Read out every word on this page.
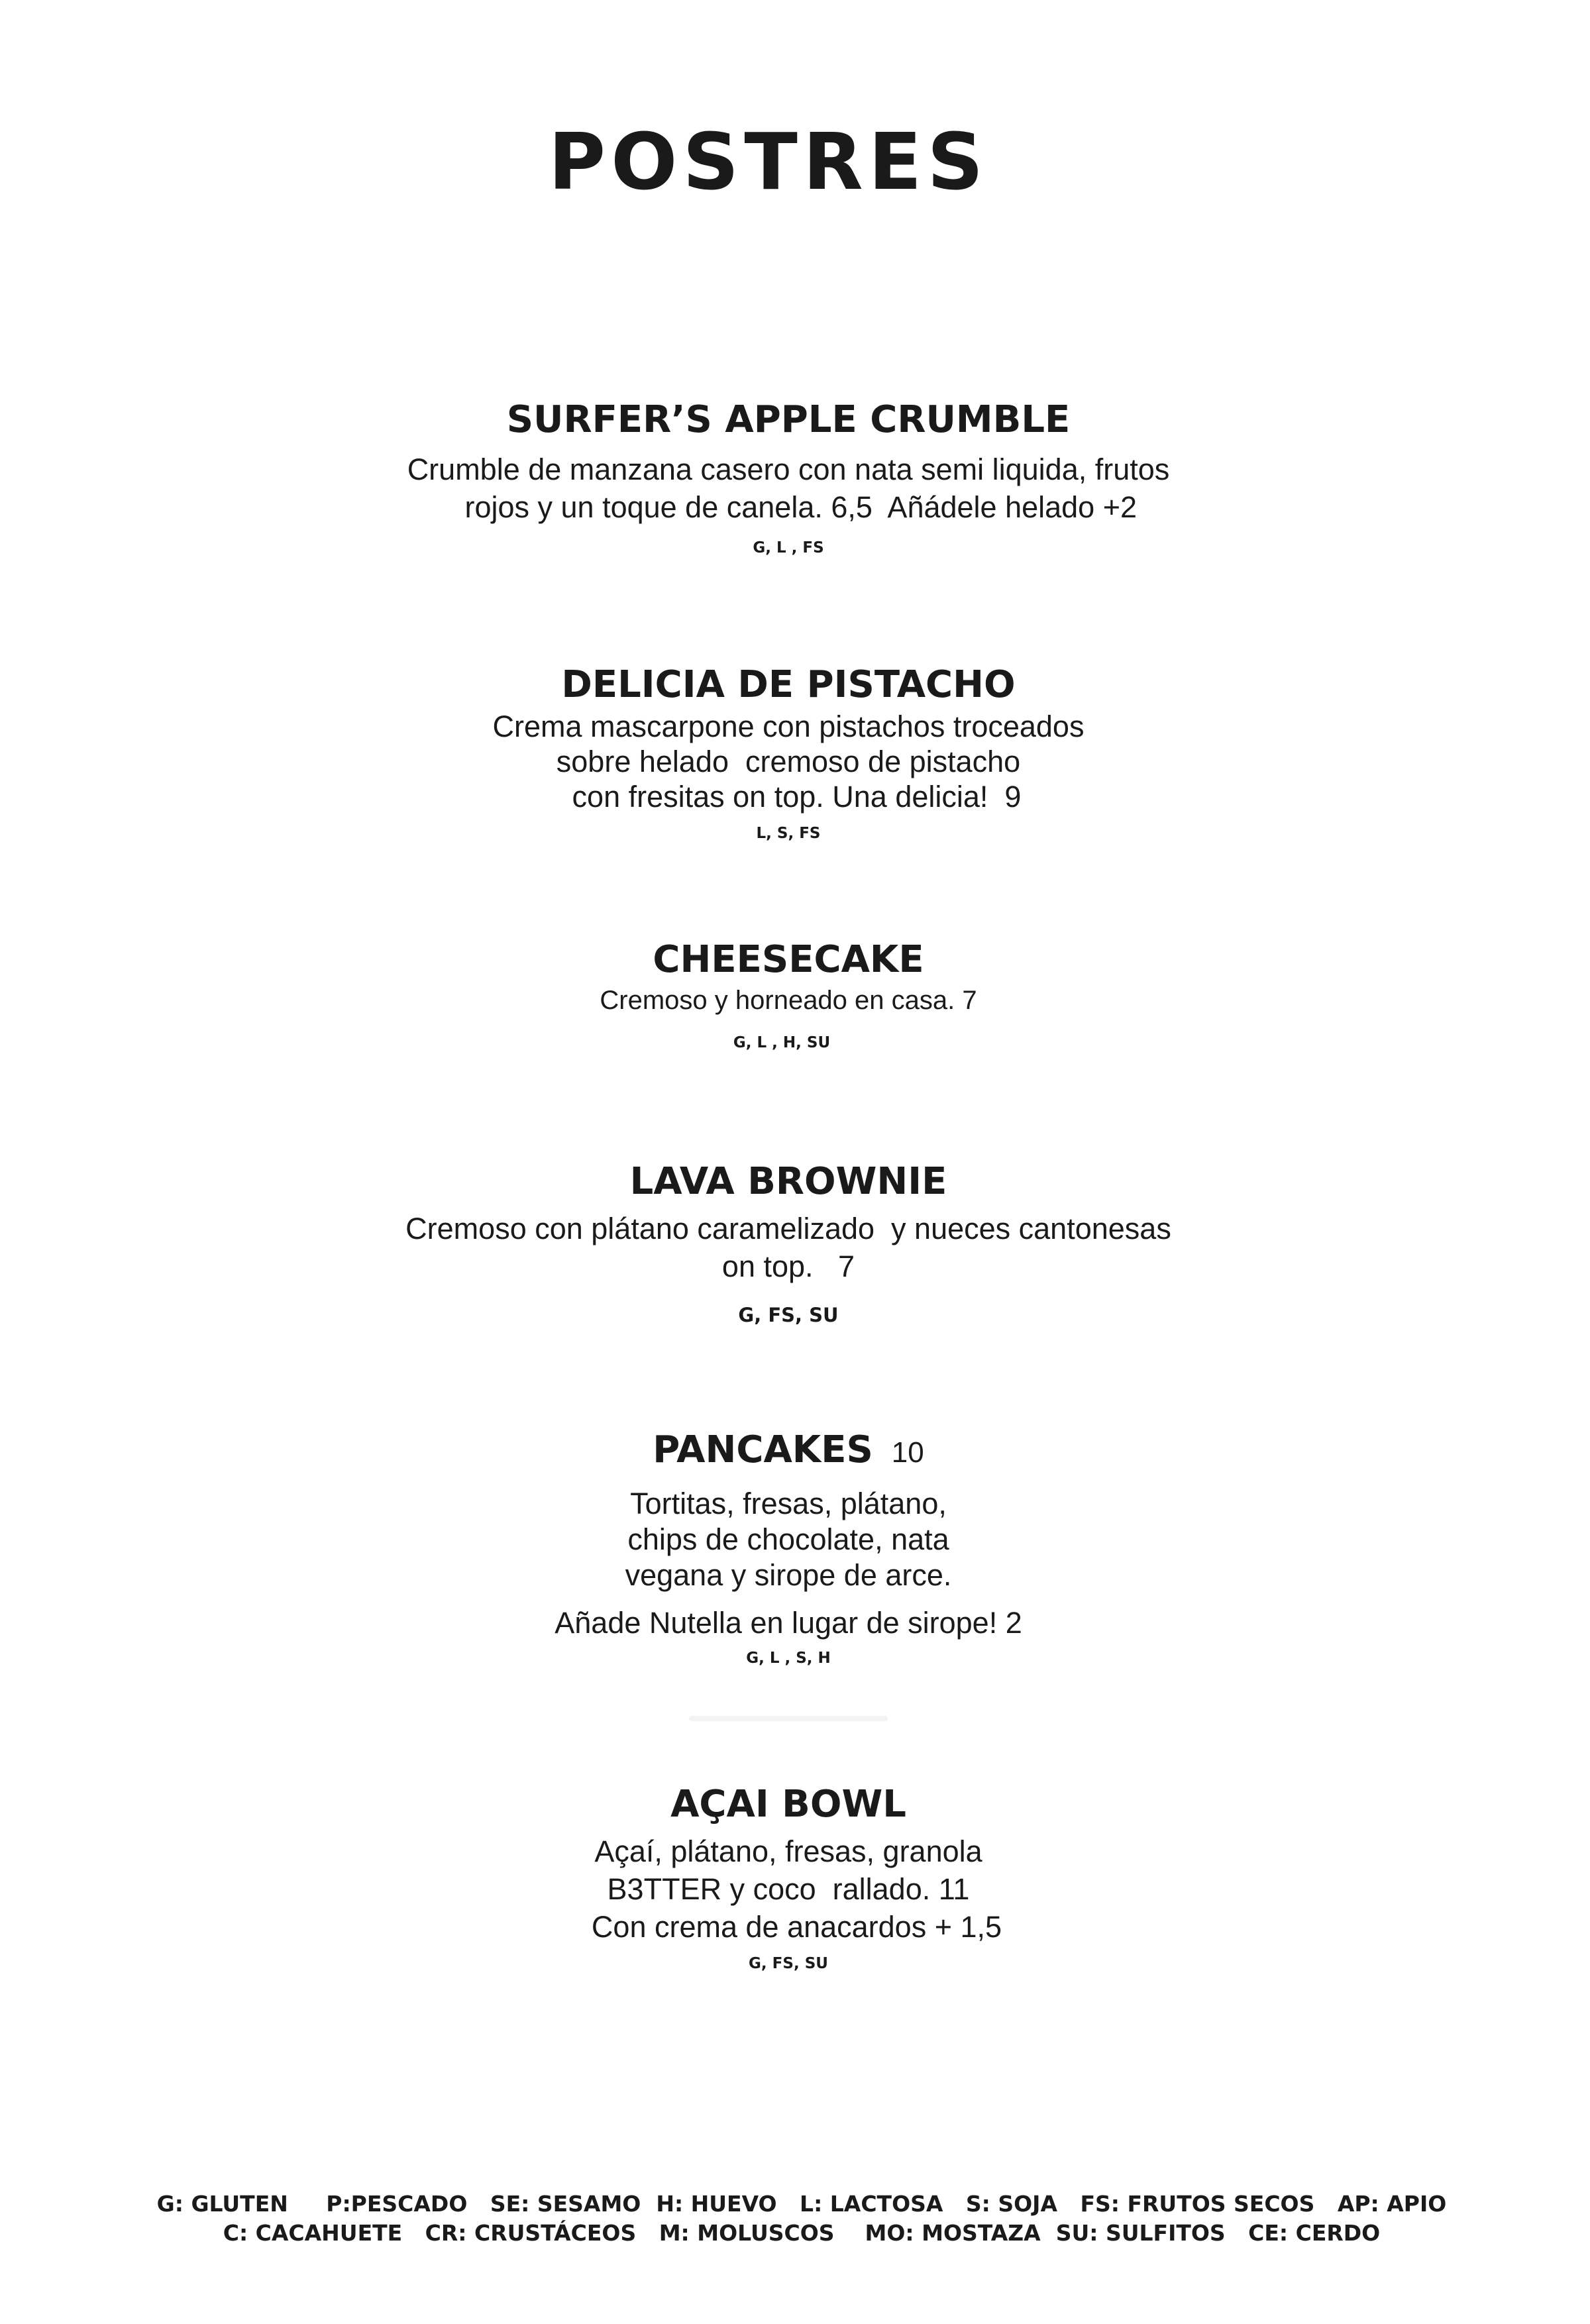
POSTRES
SURFER’S APPLE CRUMBLE

Crumble de manzana casero con nata semi liquida, frutos
rojos y un toque de canela. 6,5  Añádele helado +2

G, L , FS
DELICIA DE PISTACHO

Crema mascarpone con pistachos troceados
sobre helado  cremoso de pistacho
con fresitas on top. Una delicia!  9

L, S, FS
CHEESECAKE

Cremoso y horneado en casa. 7

G, L , H, SU
LAVA BROWNIE

Cremoso con plátano caramelizado  y nueces cantonesas
on top.   7

G, FS, SU
PANCAKES 10

Tortitas, fresas, plátano,
chips de chocolate, nata
vegana y sirope de arce.

Añade Nutella en lugar de sirope! 2
G, L , S, H
AÇAI BOWL

Açaí, plátano, fresas, granola
B3TTER y coco  rallado. 11
Con crema de anacardos + 1,5

G, FS, SU
G: GLUTEN     P:PESCADO   SE: SESAMO  H: HUEVO   L: LACTOSA   S: SOJA   FS: FRUTOS SECOS   AP: APIO
C: CACAHUETE   CR: CRUSTÁCEOS   M: MOLUSCOS    MO: MOSTAZA  SU: SULFITOS   CE: CERDO
